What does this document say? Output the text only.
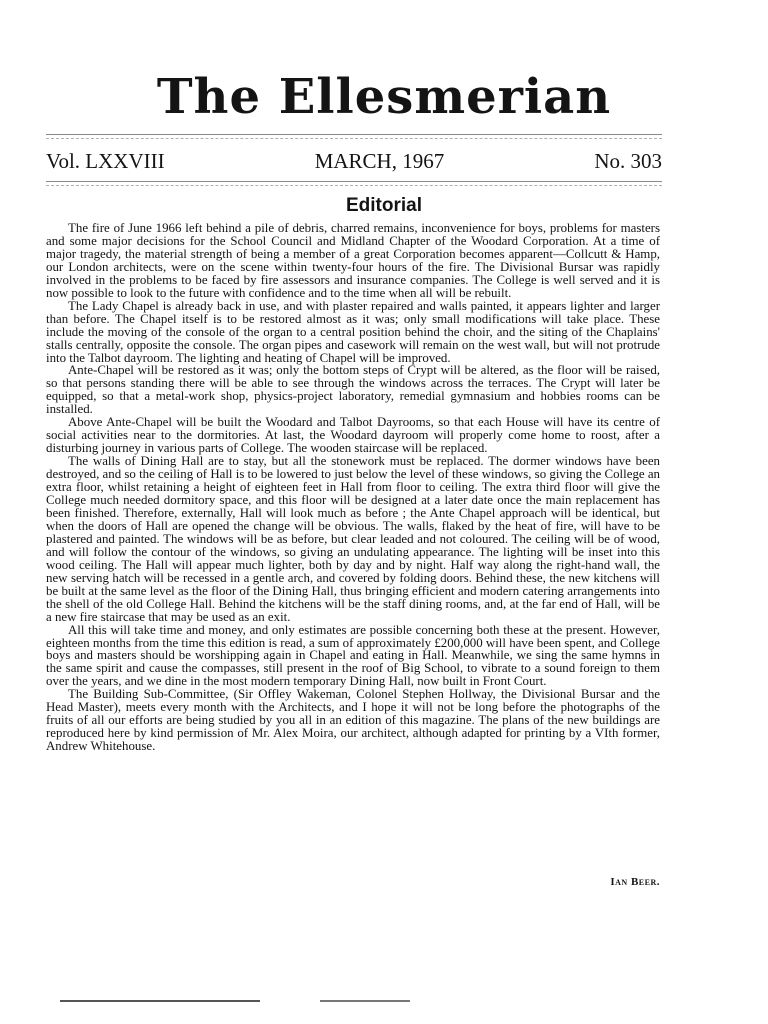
The Ellesmerian
Vol. LXXVIII	MARCH, 1967	No. 303
Editorial

The fire of June 1966 left behind a pile of debris, charred remains, inconvenience for boys, problems for masters and some major decisions for the School Council and Midland Chapter of the Woodard Corporation. At a time of major tragedy, the material strength of being a member of a great Corporation becomes apparent—Collcutt & Hamp, our London architects, were on the scene within twenty-four hours of the fire. The Divisional Bursar was rapidly involved in the problems to be faced by fire assessors and insurance companies. The College is well served and it is now possible to look to the future with confidence and to the time when all will be rebuilt.

The Lady Chapel is already back in use, and with plaster repaired and walls painted, it appears lighter and larger than before. The Chapel itself is to be restored almost as it was; only small modifications will take place. These include the moving of the console of the organ to a central position behind the choir, and the siting of the Chaplains' stalls centrally, opposite the console. The organ pipes and casework will remain on the west wall, but will not protrude into the Talbot dayroom. The lighting and heating of Chapel will be improved.

Ante-Chapel will be restored as it was; only the bottom steps of Crypt will be altered, as the floor will be raised, so that persons standing there will be able to see through the windows across the terraces. The Crypt will later be equipped, so that a metal-work shop, physics-project laboratory, remedial gymnasium and hobbies rooms can be installed.

Above Ante-Chapel will be built the Woodard and Talbot Dayrooms, so that each House will have its centre of social activities near to the dormitories. At last, the Woodard dayroom will properly come home to roost, after a disturbing journey in various parts of College. The wooden staircase will be replaced.

The walls of Dining Hall are to stay, but all the stonework must be replaced. The dormer windows have been destroyed, and so the ceiling of Hall is to be lowered to just below the level of these windows, so giving the College an extra floor, whilst retaining a height of eighteen feet in Hall from floor to ceiling. The extra third floor will give the College much needed dormitory space, and this floor will be designed at a later date once the main replacement has been finished. Therefore, externally, Hall will look much as before ; the Ante Chapel approach will be identical, but when the doors of Hall are opened the change will be obvious. The walls, flaked by the heat of fire, will have to be plastered and painted. The windows will be as before, but clear leaded and not coloured. The ceiling will be of wood, and will follow the contour of the windows, so giving an undulating appearance. The lighting will be inset into this wood ceiling. The Hall will appear much lighter, both by day and by night. Half way along the right-hand wall, the new serving hatch will be recessed in a gentle arch, and covered by folding doors. Behind these, the new kitchens will be built at the same level as the floor of the Dining Hall, thus bringing efficient and modern catering arrangements into the shell of the old College Hall. Behind the kitchens will be the staff dining rooms, and, at the far end of Hall, will be a new fire staircase that may be used as an exit.

All this will take time and money, and only estimates are possible concerning both these at the present. However, eighteen months from the time this edition is read, a sum of approximately £200,000 will have been spent, and College boys and masters should be worshipping again in Chapel and eating in Hall. Meanwhile, we sing the same hymns in the same spirit and cause the compasses, still present in the roof of Big School, to vibrate to a sound foreign to them over the years, and we dine in the most modern temporary Dining Hall, now built in Front Court.

The Building Sub-Committee, (Sir Offley Wakeman, Colonel Stephen Hollway, the Divisional Bursar and the Head Master), meets every month with the Architects, and I hope it will not be long before the photographs of the fruits of all our efforts are being studied by you all in an edition of this magazine. The plans of the new buildings are reproduced here by kind permission of Mr. Alex Moira, our architect, although adapted for printing by a VIth former, Andrew Whitehouse.

Ian Beer.
